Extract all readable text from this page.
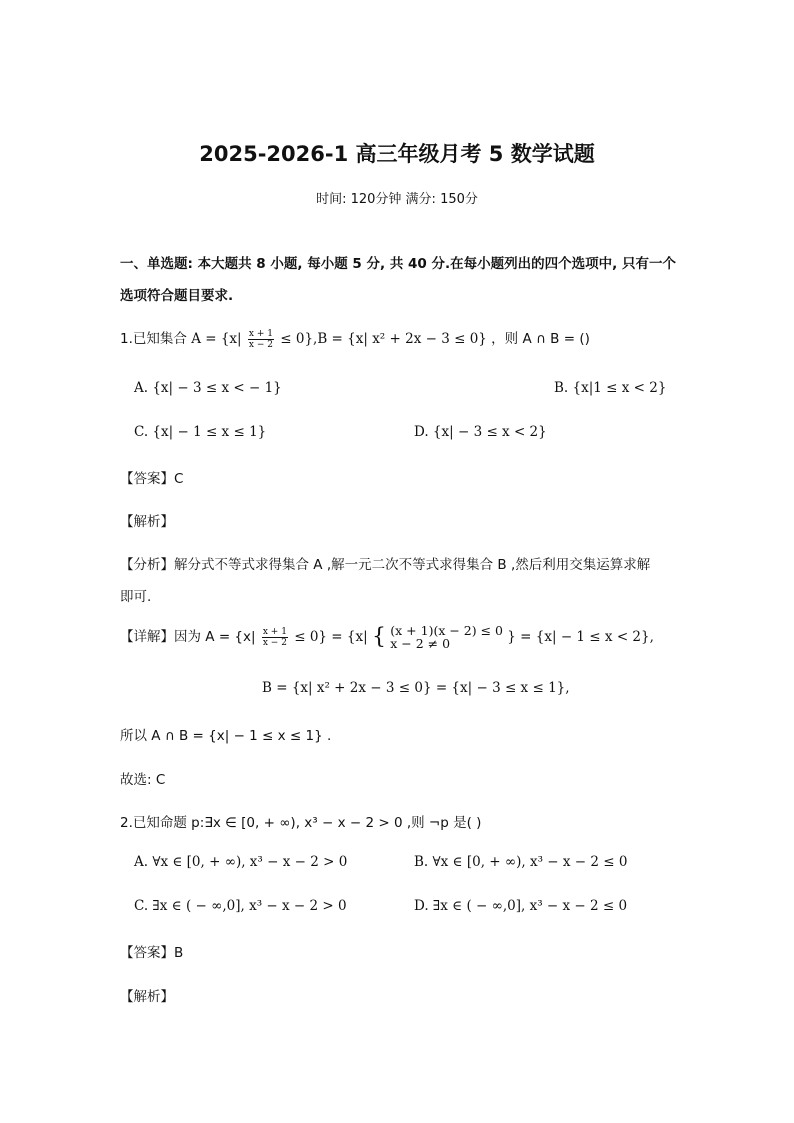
2025-2026-1 高三年级月考 5 数学试题
时间: 120分钟 满分: 150分
一、单选题: 本大题共 8 小题, 每小题 5 分, 共 40 分.在每小题列出的四个选项中, 只有一个
选项符合题目要求.
1.已知集合 $A = \{x| \frac{x + 1}{x - 2} \le 0\},B = \{x|$ x² + 2x − 3 ≤ 0} ，则 A ∩ B = ()
A. {x| − 3 ≤ x < − 1}	B. {x|1 ≤ x < 2}
C. {x| − 1 ≤ x ≤ 1}	D. {x| − 3 ≤ x < 2}
【答案】C
【解析】
【分析】解分式不等式求得集合 A ,解一元二次不等式求得集合 B ,然后利用交集运算求解
即可.
【详解】因为 $A = \{x| \frac{x + 1}{x - 2} \le 0\} = \{x|$ { (x + 1)(x − 2) ≤ 0
x − 2 ≠ 0	} = {x| − 1 ≤ x < 2},
B = {x| x² + 2x − 3 ≤ 0} = {x| − 3 ≤ x ≤ 1},
所以 A ∩ B = {x| − 1 ≤ x ≤ 1} .
故选: C
2.已知命题 p:∃x ∈ [0, + ∞), x³ − x − 2 > 0 ,则 ¬p 是( )
A. ∀x ∈ [0, + ∞), x³ − x − 2 > 0	B. ∀x ∈ [0, + ∞), x³ − x − 2 ≤ 0
C. ∃x ∈ ( − ∞,0], x³ − x − 2 > 0	D. ∃x ∈ ( − ∞,0], x³ − x − 2 ≤ 0
【答案】B
【解析】
